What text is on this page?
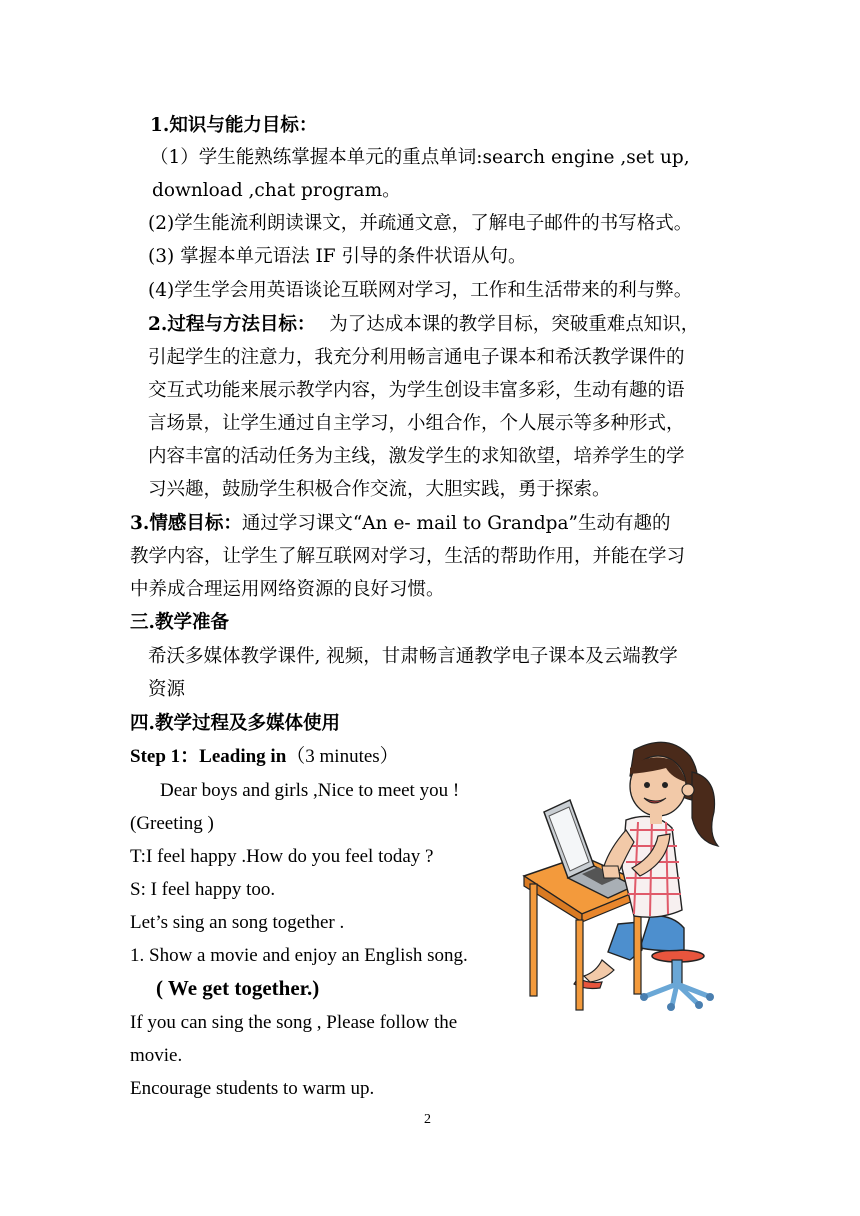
1.知识与能力目标：
（1）学生能熟练掌握本单元的重点单词:search engine ,set up,
download ,chat program。
(2)学生能流利朗读课文，并疏通文意，了解电子邮件的书写格式。
(3) 掌握本单元语法 IF 引导的条件状语从句。
(4)学生学会用英语谈论互联网对学习，工作和生活带来的利与弊。
2.过程与方法目标： 为了达成本课的教学目标，突破重难点知识，
引起学生的注意力，我充分利用畅言通电子课本和希沃教学课件的
交互式功能来展示教学内容，为学生创设丰富多彩，生动有趣的语
言场景，让学生通过自主学习，小组合作，个人展示等多种形式，
内容丰富的活动任务为主线，激发学生的求知欲望，培养学生的学
习兴趣，鼓励学生积极合作交流，大胆实践，勇于探索。
3.情感目标：通过学习课文“An e- mail to Grandpa”生动有趣的
教学内容，让学生了解互联网对学习，生活的帮助作用，并能在学习
中养成合理运用网络资源的良好习惯。
三.教学准备
希沃多媒体教学课件, 视频，甘肃畅言通教学电子课本及云端教学
资源
四.教学过程及多媒体使用
Step 1：Leading in（3 minutes）
Dear boys and girls ,Nice to meet you !
(Greeting )
T:I feel happy .How do you feel today ?
S: I feel happy too.
Let’s sing an song together .
1. Show a movie and enjoy an English song.
( We get together.)
If you can sing the song , Please follow the
movie.
Encourage students to warm up.
2
